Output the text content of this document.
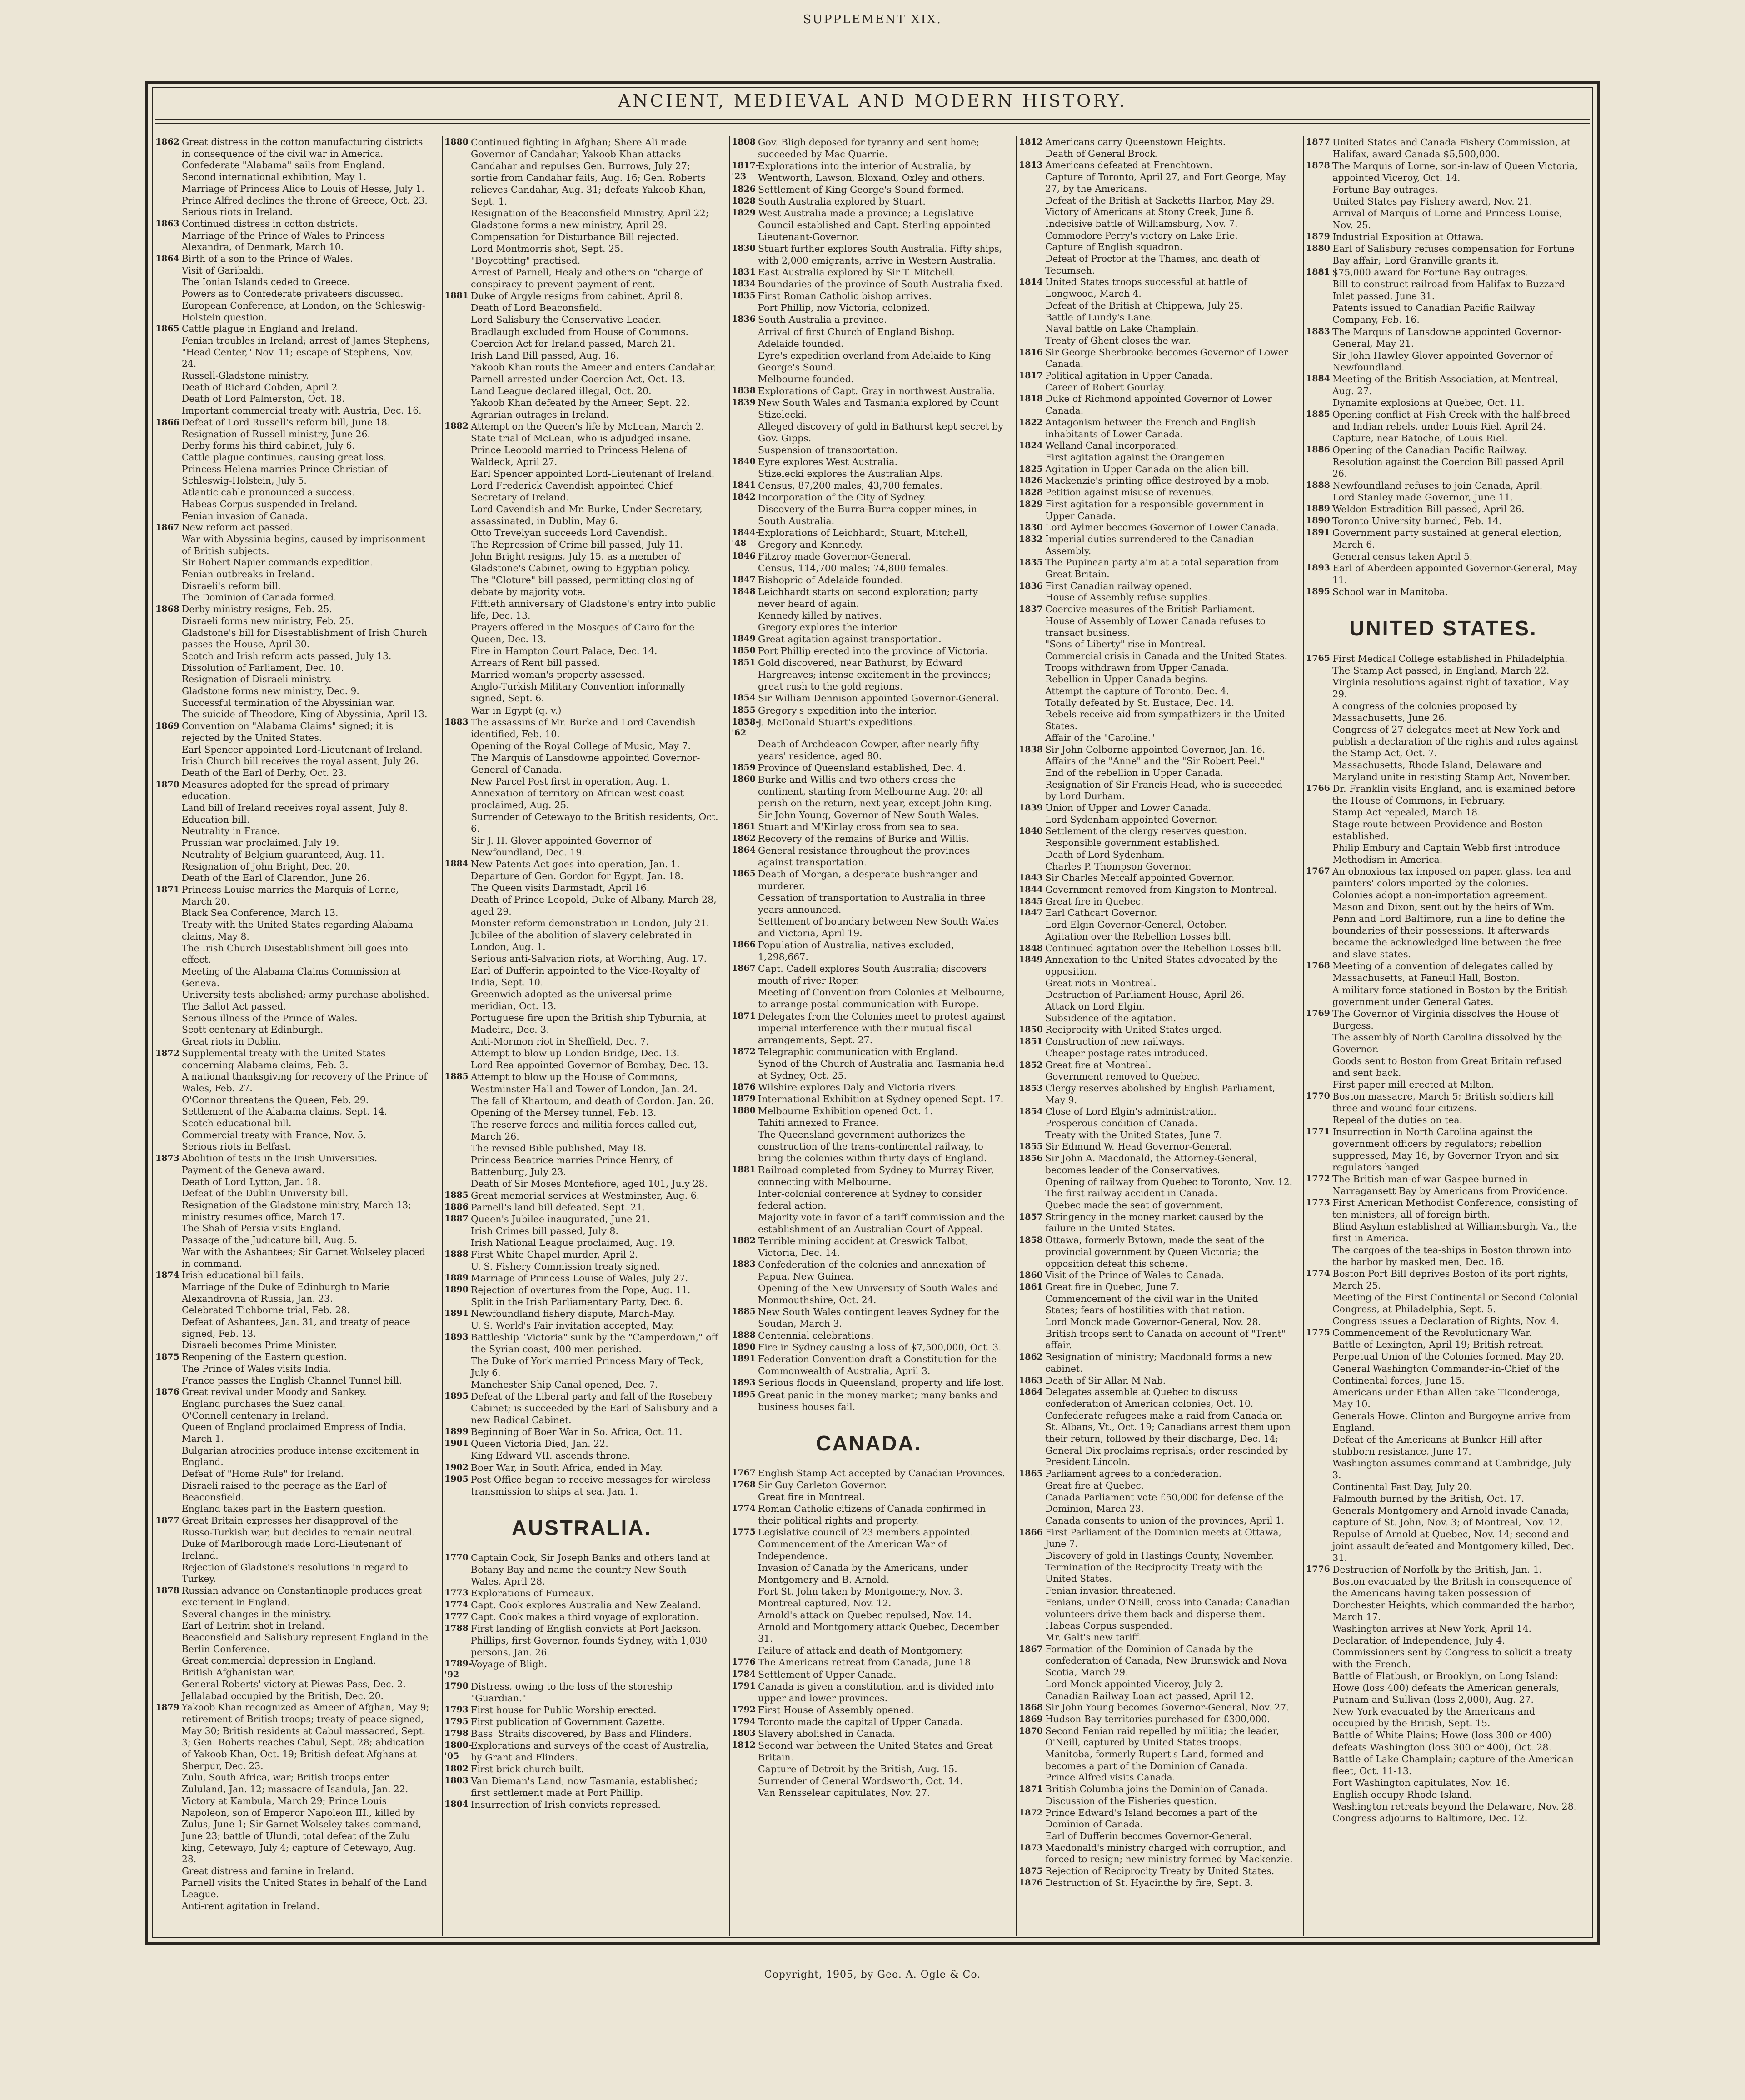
SUPPLEMENT XIX.
ANCIENT, MEDIEVAL AND MODERN HISTORY.
1862 Great distress in the cotton manufacturing districts in consequence of the civil war in America.
Confederate "Alabama" sails from England.
Second international exhibition, May 1.
Marriage of Princess Alice to Louis of Hesse, July 1.
Prince Alfred declines the throne of Greece, Oct. 23.
Serious riots in Ireland.
1863 Continued distress in cotton districts.
Marriage of the Prince of Wales to Princess Alexandra, of Denmark, March 10.
1864 Birth of a son to the Prince of Wales.
Visit of Garibaldi.
The Ionian Islands ceded to Greece.
Powers as to Confederate privateers discussed.
European Conference, at London, on the Schleswig-Holstein question.
1865 Cattle plague in England and Ireland.
Fenian troubles in Ireland; arrest of James Stephens, "Head Center," Nov. 11; escape of Stephens, Nov. 24.
Russell-Gladstone ministry.
Death of Richard Cobden, April 2.
Death of Lord Palmerston, Oct. 18.
Important commercial treaty with Austria, Dec. 16.
1866 Defeat of Lord Russell's reform bill, June 18.
Resignation of Russell ministry, June 26.
Derby forms his third cabinet, July 6.
Cattle plague continues, causing great loss.
Princess Helena marries Prince Christian of Schleswig-Holstein, July 5.
Atlantic cable pronounced a success.
Habeas Corpus suspended in Ireland.
Fenian invasion of Canada.
1867 New reform act passed.
War with Abyssinia begins, caused by imprisonment of British subjects.
Sir Robert Napier commands expedition.
Fenian outbreaks in Ireland.
Disraeli's reform bill.
The Dominion of Canada formed.
1868 Derby ministry resigns, Feb. 25.
Disraeli forms new ministry, Feb. 25.
Gladstone's bill for Disestablishment of Irish Church passes the House, April 30.
Scotch and Irish reform acts passed, July 13.
Dissolution of Parliament, Dec. 10.
Resignation of Disraeli ministry.
Gladstone forms new ministry, Dec. 9.
Successful termination of the Abyssinian war.
The suicide of Theodore, King of Abyssinia, April 13.
1869 Convention on "Alabama Claims" signed; it is rejected by the United States.
Earl Spencer appointed Lord-Lieutenant of Ireland.
Irish Church bill receives the royal assent, July 26.
Death of the Earl of Derby, Oct. 23.
1870 Measures adopted for the spread of primary education.
Land bill of Ireland receives royal assent, July 8.
Education bill.
Neutrality in France.
Prussian war proclaimed, July 19.
Neutrality of Belgium guaranteed, Aug. 11.
Resignation of John Bright, Dec. 20.
Death of the Earl of Clarendon, June 26.
1871 Princess Louise marries the Marquis of Lorne, March 20.
Black Sea Conference, March 13.
Treaty with the United States regarding Alabama claims, May 8.
The Irish Church Disestablishment bill goes into effect.
Meeting of the Alabama Claims Commission at Geneva.
University tests abolished; army purchase abolished.
The Ballot Act passed.
Serious illness of the Prince of Wales.
Scott centenary at Edinburgh.
Great riots in Dublin.
1872 Supplemental treaty with the United States concerning Alabama claims, Feb. 3.
A national thanksgiving for recovery of the Prince of Wales, Feb. 27.
O'Connor threatens the Queen, Feb. 29.
Settlement of the Alabama claims, Sept. 14.
Scotch educational bill.
Commercial treaty with France, Nov. 5.
Serious riots in Belfast.
1873 Abolition of tests in the Irish Universities.
Payment of the Geneva award.
Death of Lord Lytton, Jan. 18.
Defeat of the Dublin University bill.
Resignation of the Gladstone ministry, March 13; ministry resumes office, March 17.
The Shah of Persia visits England.
Passage of the Judicature bill, Aug. 5.
War with the Ashantees; Sir Garnet Wolseley placed in command.
1874 Irish educational bill fails.
Marriage of the Duke of Edinburgh to Marie Alexandrovna of Russia, Jan. 23.
Celebrated Tichborne trial, Feb. 28.
Defeat of Ashantees, Jan. 31, and treaty of peace signed, Feb. 13.
Disraeli becomes Prime Minister.
1875 Reopening of the Eastern question.
The Prince of Wales visits India.
France passes the English Channel Tunnel bill.
1876 Great revival under Moody and Sankey.
England purchases the Suez canal.
O'Connell centenary in Ireland.
Queen of England proclaimed Empress of India, March 1.
Bulgarian atrocities produce intense excitement in England.
Defeat of "Home Rule" for Ireland.
Disraeli raised to the peerage as the Earl of Beaconsfield.
England takes part in the Eastern question.
1877 Great Britain expresses her disapproval of the Russo-Turkish war, but decides to remain neutral.
Duke of Marlborough made Lord-Lieutenant of Ireland.
Rejection of Gladstone's resolutions in regard to Turkey.
1878 Russian advance on Constantinople produces great excitement in England.
Several changes in the ministry.
Earl of Leitrim shot in Ireland.
Beaconsfield and Salisbury represent England in the Berlin Conference.
Great commercial depression in England.
British Afghanistan war.
General Roberts' victory at Piewas Pass, Dec. 2.
Jellalabad occupied by the British, Dec. 20.
1879 Yakoob Khan recognized as Ameer of Afghan, May 9; retirement of British troops; treaty of peace signed, May 30; British residents at Cabul massacred, Sept. 3; Gen. Roberts reaches Cabul, Sept. 28; abdication of Yakoob Khan, Oct. 19; British defeat Afghans at Sherpur, Dec. 23.
Zulu, South Africa, war; British troops enter Zululand, Jan. 12; massacre of Isandula, Jan. 22.
Victory at Kambula, March 29; Prince Louis Napoleon, son of Emperor Napoleon III., killed by Zulus, June 1; Sir Garnet Wolseley takes command, June 23; battle of Ulundi, total defeat of the Zulu king, Cetewayo, July 4; capture of Cetewayo, Aug. 28.
Great distress and famine in Ireland.
Parnell visits the United States in behalf of the Land League.
Anti-rent agitation in Ireland.
1880 Continued fighting in Afghan; Shere Ali made Governor of Candahar; Yakoob Khan attacks Candahar and repulses Gen. Burrows, July 27; sortie from Candahar fails, Aug. 16; Gen. Roberts relieves Candahar, Aug. 31; defeats Yakoob Khan, Sept. 1.
Resignation of the Beaconsfield Ministry, April 22; Gladstone forms a new ministry, April 29.
Compensation for Disturbance Bill rejected.
Lord Montmorris shot, Sept. 25.
"Boycotting" practised.
Arrest of Parnell, Healy and others on "charge of conspiracy to prevent payment of rent.
1881 Duke of Argyle resigns from cabinet, April 8.
Death of Lord Beaconsfield.
Lord Salisbury the Conservative Leader.
Bradlaugh excluded from House of Commons.
Coercion Act for Ireland passed, March 21.
Irish Land Bill passed, Aug. 16.
Yakoob Khan routs the Ameer and enters Candahar.
Parnell arrested under Coercion Act, Oct. 13.
Land League declared illegal, Oct. 20.
Yakoob Khan defeated by the Ameer, Sept. 22.
Agrarian outrages in Ireland.
1882 Attempt on the Queen's life by McLean, March 2.
State trial of McLean, who is adjudged insane.
Prince Leopold married to Princess Helena of Waldeck, April 27.
Earl Spencer appointed Lord-Lieutenant of Ireland.
Lord Frederick Cavendish appointed Chief Secretary of Ireland.
Lord Cavendish and Mr. Burke, Under Secretary, assassinated, in Dublin, May 6.
Otto Trevelyan succeeds Lord Cavendish.
The Repression of Crime bill passed, July 11.
John Bright resigns, July 15, as a member of Gladstone's Cabinet, owing to Egyptian policy.
The "Cloture" bill passed, permitting closing of debate by majority vote.
Fiftieth anniversary of Gladstone's entry into public life, Dec. 13.
Prayers offered in the Mosques of Cairo for the Queen, Dec. 13.
Fire in Hampton Court Palace, Dec. 14.
Arrears of Rent bill passed.
Married woman's property assessed.
Anglo-Turkish Military Convention informally signed, Sept. 6.
War in Egypt (q. v.)
1883 The assassins of Mr. Burke and Lord Cavendish identified, Feb. 10.
Opening of the Royal College of Music, May 7.
The Marquis of Lansdowne appointed Governor-General of Canada.
New Parcel Post first in operation, Aug. 1.
Annexation of territory on African west coast proclaimed, Aug. 25.
Surrender of Cetewayo to the British residents, Oct. 6.
Sir J. H. Glover appointed Governor of Newfoundland, Dec. 19.
1884 New Patents Act goes into operation, Jan. 1.
Departure of Gen. Gordon for Egypt, Jan. 18.
The Queen visits Darmstadt, April 16.
Death of Prince Leopold, Duke of Albany, March 28, aged 29.
Monster reform demonstration in London, July 21.
Jubilee of the abolition of slavery celebrated in London, Aug. 1.
Serious anti-Salvation riots, at Worthing, Aug. 17.
Earl of Dufferin appointed to the Vice-Royalty of India, Sept. 10.
Greenwich adopted as the universal prime meridian, Oct. 13.
Portuguese fire upon the British ship Tyburnia, at Madeira, Dec. 3.
Anti-Mormon riot in Sheffield, Dec. 7.
Attempt to blow up London Bridge, Dec. 13.
Lord Rea appointed Governor of Bombay, Dec. 13.
1885 Attempt to blow up the House of Commons, Westminster Hall and Tower of London, Jan. 24.
The fall of Khartoum, and death of Gordon, Jan. 26.
Opening of the Mersey tunnel, Feb. 13.
The reserve forces and militia forces called out, March 26.
The revised Bible published, May 18.
Princess Beatrice marries Prince Henry, of Battenburg, July 23.
Death of Sir Moses Montefiore, aged 101, July 28.
1885 Great memorial services at Westminster, Aug. 6.
1886 Parnell's land bill defeated, Sept. 21.
1887 Queen's Jubilee inaugurated, June 21.
Irish Crimes bill passed, July 8.
Irish National League proclaimed, Aug. 19.
1888 First White Chapel murder, April 2.
U. S. Fishery Commission treaty signed.
1889 Marriage of Princess Louise of Wales, July 27.
1890 Rejection of overtures from the Pope, Aug. 11.
Split in the Irish Parliamentary Party, Dec. 6.
1891 Newfoundland fishery dispute, March-May.
U. S. World's Fair invitation accepted, May.
1893 Battleship "Victoria" sunk by the "Camperdown," off the Syrian coast, 400 men perished.
The Duke of York married Princess Mary of Teck, July 6.
Manchester Ship Canal opened, Dec. 7.
1895 Defeat of the Liberal party and fall of the Rosebery Cabinet; is succeeded by the Earl of Salisbury and a new Radical Cabinet.
1899 Beginning of Boer War in So. Africa, Oct. 11.
1901 Queen Victoria Died, Jan. 22.
King Edward VII. ascends throne.
1902 Boer War, in South Africa, ended in May.
1905 Post Office began to receive messages for wireless transmission to ships at sea, Jan. 1.
AUSTRALIA.
1770 Captain Cook, Sir Joseph Banks and others land at Botany Bay and name the country New South Wales, April 28.
1773 Explorations of Furneaux.
1774 Capt. Cook explores Australia and New Zealand.
1777 Capt. Cook makes a third voyage of exploration.
1788 First landing of English convicts at Port Jackson.
Phillips, first Governor, founds Sydney, with 1,030 persons, Jan. 26.
1789-'92
Voyage of Bligh.
1790 Distress, owing to the loss of the storeship "Guardian."
1793 First house for Public Worship erected.
1795 First publication of Government Gazette.
1798 Bass' Straits discovered, by Bass and Flinders.
1800-'05
Explorations and surveys of the coast of Australia, by Grant and Flinders.
1802 First brick church built.
1803 Van Dieman's Land, now Tasmania, established; first settlement made at Port Phillip.
1804 Insurrection of Irish convicts repressed.
1808 Gov. Bligh deposed for tyranny and sent home; succeeded by Mac Quarrie.
1817-'23
Explorations into the interior of Australia, by Wentworth, Lawson, Bloxand, Oxley and others.
1826 Settlement of King George's Sound formed.
1828 South Australia explored by Stuart.
1829 West Australia made a province; a Legislative Council established and Capt. Sterling appointed Lieutenant-Governor.
1830 Stuart further explores South Australia. Fifty ships, with 2,000 emigrants, arrive in Western Australia.
1831 East Australia explored by Sir T. Mitchell.
1834 Boundaries of the province of South Australia fixed.
1835 First Roman Catholic bishop arrives.
Port Phillip, now Victoria, colonized.
1836 South Australia a province.
Arrival of first Church of England Bishop.
Adelaide founded.
Eyre's expedition overland from Adelaide to King George's Sound.
Melbourne founded.
1838 Explorations of Capt. Gray in northwest Australia.
1839 New South Wales and Tasmania explored by Count Stizelecki.
Alleged discovery of gold in Bathurst kept secret by Gov. Gipps.
Suspension of transportation.
1840 Eyre explores West Australia.
Stizelecki explores the Australian Alps.
1841 Census, 87,200 males; 43,700 females.
1842 Incorporation of the City of Sydney.
Discovery of the Burra-Burra copper mines, in South Australia.
1844-'48
Explorations of Leichhardt, Stuart, Mitchell, Gregory and Kennedy.
1846 Fitzroy made Governor-General.
Census, 114,700 males; 74,800 females.
1847 Bishopric of Adelaide founded.
1848 Leichhardt starts on second exploration; party never heard of again.
Kennedy killed by natives.
Gregory explores the interior.
1849 Great agitation against transportation.
1850 Port Phillip erected into the province of Victoria.
1851 Gold discovered, near Bathurst, by Edward Hargreaves; intense excitement in the provinces; great rush to the gold regions.
1854 Sir William Dennison appointed Governor-General.
1855 Gregory's expedition into the interior.
1858-'62
J. McDonald Stuart's expeditions.
Death of Archdeacon Cowper, after nearly fifty years' residence, aged 80.
1859 Province of Queensland established, Dec. 4.
1860 Burke and Willis and two others cross the continent, starting from Melbourne Aug. 20; all perish on the return, next year, except John King.
Sir John Young, Governor of New South Wales.
1861 Stuart and M'Kinlay cross from sea to sea.
1862 Recovery of the remains of Burke and Willis.
1864 General resistance throughout the provinces against transportation.
1865 Death of Morgan, a desperate bushranger and murderer.
Cessation of transportation to Australia in three years announced.
Settlement of boundary between New South Wales and Victoria, April 19.
1866 Population of Australia, natives excluded, 1,298,667.
1867 Capt. Cadell explores South Australia; discovers mouth of river Roper.
Meeting of Convention from Colonies at Melbourne, to arrange postal communication with Europe.
1871 Delegates from the Colonies meet to protest against imperial interference with their mutual fiscal arrangements, Sept. 27.
1872 Telegraphic communication with England.
Synod of the Church of Australia and Tasmania held at Sydney, Oct. 25.
1876 Wilshire explores Daly and Victoria rivers.
1879 International Exhibition at Sydney opened Sept. 17.
1880 Melbourne Exhibition opened Oct. 1.
Tahiti annexed to France.
The Queensland government authorizes the construction of the trans-continental railway, to bring the colonies within thirty days of England.
1881 Railroad completed from Sydney to Murray River, connecting with Melbourne.
Inter-colonial conference at Sydney to consider federal action.
Majority vote in favor of a tariff commission and the establishment of an Australian Court of Appeal.
1882 Terrible mining accident at Creswick Talbot, Victoria, Dec. 14.
1883 Confederation of the colonies and annexation of Papua, New Guinea.
Opening of the New University of South Wales and Monmouthshire, Oct. 24.
1885 New South Wales contingent leaves Sydney for the Soudan, March 3.
1888 Centennial celebrations.
1890 Fire in Sydney causing a loss of $7,500,000, Oct. 3.
1891 Federation Convention draft a Constitution for the Commonwealth of Australia, April 3.
1893 Serious floods in Queensland, property and life lost.
1895 Great panic in the money market; many banks and business houses fail.
CANADA.
1767 English Stamp Act accepted by Canadian Provinces.
1768 Sir Guy Carleton Governor.
Great fire in Montreal.
1774 Roman Catholic citizens of Canada confirmed in their political rights and property.
1775 Legislative council of 23 members appointed.
Commencement of the American War of Independence.
Invasion of Canada by the Americans, under Montgomery and B. Arnold.
Fort St. John taken by Montgomery, Nov. 3.
Montreal captured, Nov. 12.
Arnold's attack on Quebec repulsed, Nov. 14.
Arnold and Montgomery attack Quebec, December 31.
Failure of attack and death of Montgomery.
1776 The Americans retreat from Canada, June 18.
1784 Settlement of Upper Canada.
1791 Canada is given a constitution, and is divided into upper and lower provinces.
1792 First House of Assembly opened.
1794 Toronto made the capital of Upper Canada.
1803 Slavery abolished in Canada.
1812 Second war between the United States and Great Britain.
Capture of Detroit by the British, Aug. 15.
Surrender of General Wordsworth, Oct. 14.
Van Rensselear capitulates, Nov. 27.
1812 Americans carry Queenstown Heights.
Death of General Brock.
1813 Americans defeated at Frenchtown.
Capture of Toronto, April 27, and Fort George, May 27, by the Americans.
Defeat of the British at Sacketts Harbor, May 29.
Victory of Americans at Stony Creek, June 6.
Indecisive battle of Williamsburg, Nov. 7.
Commodore Perry's victory on Lake Erie.
Capture of English squadron.
Defeat of Proctor at the Thames, and death of Tecumseh.
1814 United States troops successful at battle of Longwood, March 4.
Defeat of the British at Chippewa, July 25.
Battle of Lundy's Lane.
Naval battle on Lake Champlain.
Treaty of Ghent closes the war.
1816 Sir George Sherbrooke becomes Governor of Lower Canada.
1817 Political agitation in Upper Canada.
Career of Robert Gourlay.
1818 Duke of Richmond appointed Governor of Lower Canada.
1822 Antagonism between the French and English inhabitants of Lower Canada.
1824 Welland Canal incorporated.
First agitation against the Orangemen.
1825 Agitation in Upper Canada on the alien bill.
1826 Mackenzie's printing office destroyed by a mob.
1828 Petition against misuse of revenues.
1829 First agitation for a responsible government in Upper Canada.
1830 Lord Aylmer becomes Governor of Lower Canada.
1832 Imperial duties surrendered to the Canadian Assembly.
1835 The Pupinean party aim at a total separation from Great Britain.
1836 First Canadian railway opened.
House of Assembly refuse supplies.
1837 Coercive measures of the British Parliament.
House of Assembly of Lower Canada refuses to transact business.
"Sons of Liberty" rise in Montreal.
Commercial crisis in Canada and the United States.
Troops withdrawn from Upper Canada.
Rebellion in Upper Canada begins.
Attempt the capture of Toronto, Dec. 4.
Totally defeated by St. Eustace, Dec. 14.
Rebels receive aid from sympathizers in the United States.
Affair of the "Caroline."
1838 Sir John Colborne appointed Governor, Jan. 16.
Affairs of the "Anne" and the "Sir Robert Peel."
End of the rebellion in Upper Canada.
Resignation of Sir Francis Head, who is succeeded by Lord Durham.
1839 Union of Upper and Lower Canada.
Lord Sydenham appointed Governor.
1840 Settlement of the clergy reserves question.
Responsible government established.
Death of Lord Sydenham.
Charles P. Thompson Governor.
1843 Sir Charles Metcalf appointed Governor.
1844 Government removed from Kingston to Montreal.
1845 Great fire in Quebec.
1847 Earl Cathcart Governor.
Lord Elgin Governor-General, October.
Agitation over the Rebellion Losses bill.
1848 Continued agitation over the Rebellion Losses bill.
1849 Annexation to the United States advocated by the opposition.
Great riots in Montreal.
Destruction of Parliament House, April 26.
Attack on Lord Elgin.
Subsidence of the agitation.
1850 Reciprocity with United States urged.
1851 Construction of new railways.
Cheaper postage rates introduced.
1852 Great fire at Montreal.
Government removed to Quebec.
1853 Clergy reserves abolished by English Parliament, May 9.
1854 Close of Lord Elgin's administration.
Prosperous condition of Canada.
Treaty with the United States, June 7.
1855 Sir Edmund W. Head Governor-General.
1856 Sir John A. Macdonald, the Attorney-General, becomes leader of the Conservatives.
Opening of railway from Quebec to Toronto, Nov. 12.
The first railway accident in Canada.
Quebec made the seat of government.
1857 Stringency in the money market caused by the failure in the United States.
1858 Ottawa, formerly Bytown, made the seat of the provincial government by Queen Victoria; the opposition defeat this scheme.
1860 Visit of the Prince of Wales to Canada.
1861 Great fire in Quebec, June 7.
Commencement of the civil war in the United States; fears of hostilities with that nation.
Lord Monck made Governor-General, Nov. 28.
British troops sent to Canada on account of "Trent" affair.
1862 Resignation of ministry; Macdonald forms a new cabinet.
1863 Death of Sir Allan M'Nab.
1864 Delegates assemble at Quebec to discuss confederation of American colonies, Oct. 10.
Confederate refugees make a raid from Canada on St. Albans, Vt., Oct. 19; Canadians arrest them upon their return, followed by their discharge, Dec. 14; General Dix proclaims reprisals; order rescinded by President Lincoln.
1865 Parliament agrees to a confederation.
Great fire at Quebec.
Canada Parliament vote £50,000 for defense of the Dominion, March 23.
Canada consents to union of the provinces, April 1.
1866 First Parliament of the Dominion meets at Ottawa, June 7.
Discovery of gold in Hastings County, November.
Termination of the Reciprocity Treaty with the United States.
Fenian invasion threatened.
Fenians, under O'Neill, cross into Canada; Canadian volunteers drive them back and disperse them.
Habeas Corpus suspended.
Mr. Galt's new tariff.
1867 Formation of the Dominion of Canada by the confederation of Canada, New Brunswick and Nova Scotia, March 29.
Lord Monck appointed Viceroy, July 2.
Canadian Railway Loan act passed, April 12.
1868 Sir John Young becomes Governor-General, Nov. 27.
1869 Hudson Bay territories purchased for £300,000.
1870 Second Fenian raid repelled by militia; the leader, O'Neill, captured by United States troops.
Manitoba, formerly Rupert's Land, formed and becomes a part of the Dominion of Canada.
Prince Alfred visits Canada.
1871 British Columbia joins the Dominion of Canada.
Discussion of the Fisheries question.
1872 Prince Edward's Island becomes a part of the Dominion of Canada.
Earl of Dufferin becomes Governor-General.
1873 Macdonald's ministry charged with corruption, and forced to resign; new ministry formed by Mackenzie.
1875 Rejection of Reciprocity Treaty by United States.
1876 Destruction of St. Hyacinthe by fire, Sept. 3.
1877 United States and Canada Fishery Commission, at Halifax, award Canada $5,500,000.
1878 The Marquis of Lorne, son-in-law of Queen Victoria, appointed Viceroy, Oct. 14.
Fortune Bay outrages.
United States pay Fishery award, Nov. 21.
Arrival of Marquis of Lorne and Princess Louise, Nov. 25.
1879 Industrial Exposition at Ottawa.
1880 Earl of Salisbury refuses compensation for Fortune Bay affair; Lord Granville grants it.
1881 $75,000 award for Fortune Bay outrages.
Bill to construct railroad from Halifax to Buzzard Inlet passed, June 31.
Patents issued to Canadian Pacific Railway Company, Feb. 16.
1883 The Marquis of Lansdowne appointed Governor-General, May 21.
Sir John Hawley Glover appointed Governor of Newfoundland.
1884 Meeting of the British Association, at Montreal, Aug. 27.
Dynamite explosions at Quebec, Oct. 11.
1885 Opening conflict at Fish Creek with the half-breed and Indian rebels, under Louis Riel, April 24.
Capture, near Batoche, of Louis Riel.
1886 Opening of the Canadian Pacific Railway.
Resolution against the Coercion Bill passed April 26.
1888 Newfoundland refuses to join Canada, April.
Lord Stanley made Governor, June 11.
1889 Weldon Extradition Bill passed, April 26.
1890 Toronto University burned, Feb. 14.
1891 Government party sustained at general election, March 6.
General census taken April 5.
1893 Earl of Aberdeen appointed Governor-General, May 11.
1895 School war in Manitoba.
UNITED STATES.
1765 First Medical College established in Philadelphia.
The Stamp Act passed, in England, March 22.
Virginia resolutions against right of taxation, May 29.
A congress of the colonies proposed by Massachusetts, June 26.
Congress of 27 delegates meet at New York and publish a declaration of the rights and rules against the Stamp Act, Oct. 7.
Massachusetts, Rhode Island, Delaware and Maryland unite in resisting Stamp Act, November.
1766 Dr. Franklin visits England, and is examined before the House of Commons, in February.
Stamp Act repealed, March 18.
Stage route between Providence and Boston established.
Philip Embury and Captain Webb first introduce Methodism in America.
1767 An obnoxious tax imposed on paper, glass, tea and painters' colors imported by the colonies.
Colonies adopt a non-importation agreement.
Mason and Dixon, sent out by the heirs of Wm. Penn and Lord Baltimore, run a line to define the boundaries of their possessions. It afterwards became the acknowledged line between the free and slave states.
1768 Meeting of a convention of delegates called by Massachusetts, at Faneuil Hall, Boston.
A military force stationed in Boston by the British government under General Gates.
1769 The Governor of Virginia dissolves the House of Burgess.
The assembly of North Carolina dissolved by the Governor.
Goods sent to Boston from Great Britain refused and sent back.
First paper mill erected at Milton.
1770 Boston massacre, March 5; British soldiers kill three and wound four citizens.
Repeal of the duties on tea.
1771 Insurrection in North Carolina against the government officers by regulators; rebellion suppressed, May 16, by Governor Tryon and six regulators hanged.
1772 The British man-of-war Gaspee burned in Narragansett Bay by Americans from Providence.
1773 First American Methodist Conference, consisting of ten ministers, all of foreign birth.
Blind Asylum established at Williamsburgh, Va., the first in America.
The cargoes of the tea-ships in Boston thrown into the harbor by masked men, Dec. 16.
1774 Boston Port Bill deprives Boston of its port rights, March 25.
Meeting of the First Continental or Second Colonial Congress, at Philadelphia, Sept. 5.
Congress issues a Declaration of Rights, Nov. 4.
1775 Commencement of the Revolutionary War.
Battle of Lexington, April 19; British retreat.
Perpetual Union of the Colonies formed, May 20.
General Washington Commander-in-Chief of the Continental forces, June 15.
Americans under Ethan Allen take Ticonderoga, May 10.
Generals Howe, Clinton and Burgoyne arrive from England.
Defeat of the Americans at Bunker Hill after stubborn resistance, June 17.
Washington assumes command at Cambridge, July 3.
Continental Fast Day, July 20.
Falmouth burned by the British, Oct. 17.
Generals Montgomery and Arnold invade Canada; capture of St. John, Nov. 3; of Montreal, Nov. 12. Repulse of Arnold at Quebec, Nov. 14; second and joint assault defeated and Montgomery killed, Dec. 31.
1776 Destruction of Norfolk by the British, Jan. 1.
Boston evacuated by the British in consequence of the Americans having taken possession of Dorchester Heights, which commanded the harbor, March 17.
Washington arrives at New York, April 14.
Declaration of Independence, July 4.
Commissioners sent by Congress to solicit a treaty with the French.
Battle of Flatbush, or Brooklyn, on Long Island; Howe (loss 400) defeats the American generals, Putnam and Sullivan (loss 2,000), Aug. 27.
New York evacuated by the Americans and occupied by the British, Sept. 15.
Battle of White Plains; Howe (loss 300 or 400) defeats Washington (loss 300 or 400), Oct. 28.
Battle of Lake Champlain; capture of the American fleet, Oct. 11-13.
Fort Washington capitulates, Nov. 16.
English occupy Rhode Island.
Washington retreats beyond the Delaware, Nov. 28.
Congress adjourns to Baltimore, Dec. 12.
Copyright, 1905, by Geo. A. Ogle & Co.
